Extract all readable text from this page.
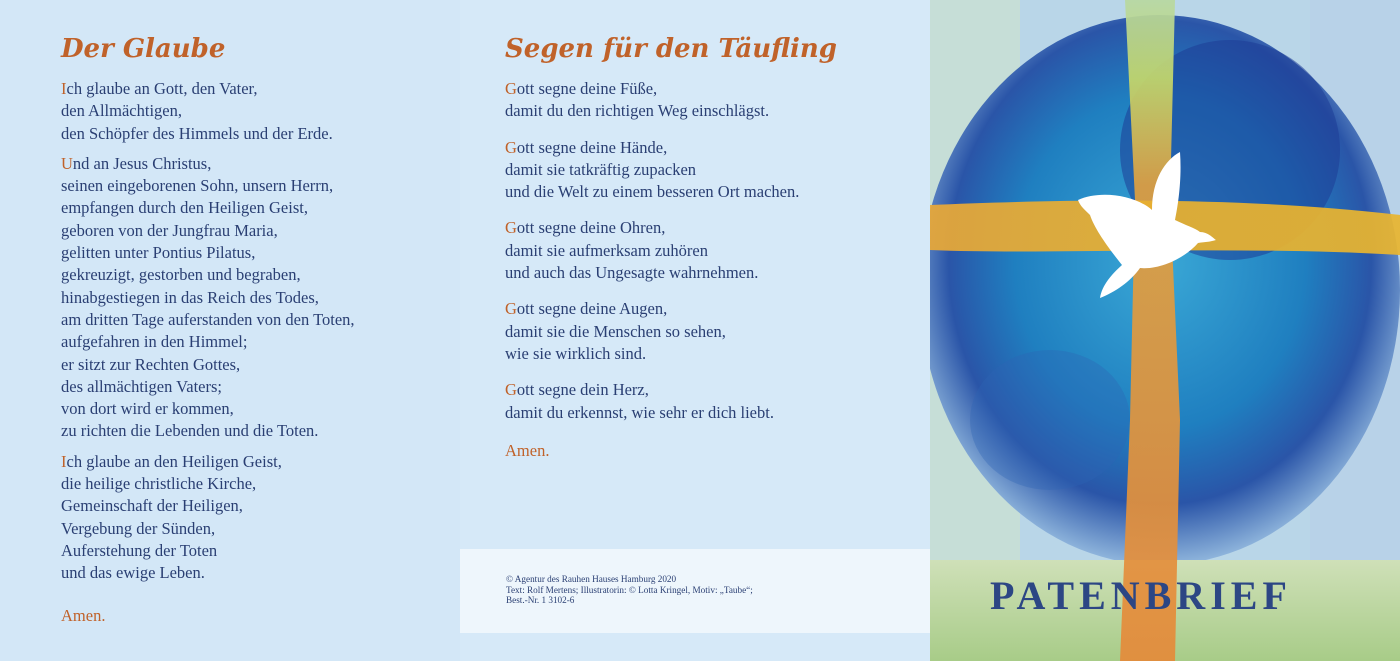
Der Glaube
Ich glaube an Gott, den Vater,
den Allmächtigen,
den Schöpfer des Himmels und der Erde.
Und an Jesus Christus,
seinen eingeborenen Sohn, unsern Herrn,
empfangen durch den Heiligen Geist,
geboren von der Jungfrau Maria,
gelitten unter Pontius Pilatus,
gekreuzigt, gestorben und begraben,
hinabgestiegen in das Reich des Todes,
am dritten Tage auferstanden von den Toten,
aufgefahren in den Himmel;
er sitzt zur Rechten Gottes,
des allmächtigen Vaters;
von dort wird er kommen,
zu richten die Lebenden und die Toten.
Ich glaube an den Heiligen Geist,
die heilige christliche Kirche,
Gemeinschaft der Heiligen,
Vergebung der Sünden,
Auferstehung der Toten
und das ewige Leben.
Amen.
Segen für den Täufling
Gott segne deine Füße,
damit du den richtigen Weg einschlägst.
Gott segne deine Hände,
damit sie tatkräftig zupacken
und die Welt zu einem besseren Ort machen.
Gott segne deine Ohren,
damit sie aufmerksam zuhören
und auch das Ungesagte wahrnehmen.
Gott segne deine Augen,
damit sie die Menschen so sehen,
wie sie wirklich sind.
Gott segne dein Herz,
damit du erkennst, wie sehr er dich liebt.
Amen.
© Agentur des Rauhen Hauses Hamburg 2020
Text: Rolf Mertens; Illustratorin: © Lotta Kringel, Motiv: „Taube“;
Best.-Nr. 1 3102-6	PATENBRIEF
